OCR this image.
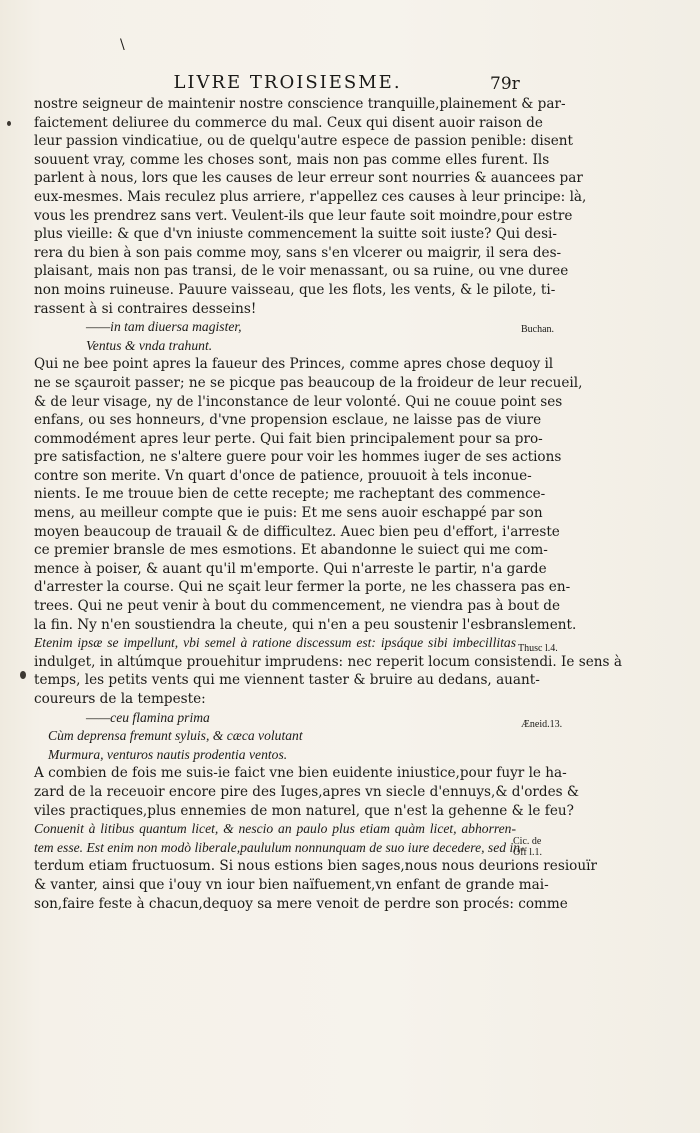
\
LIVRE TROISIESME.	79r
nostre seigneur de maintenir nostre conscience tranquille,plainement & par-
faictement deliuree du commerce du mal. Ceux qui disent auoir raison de
leur passion vindicatiue, ou de quelqu'autre espece de passion penible: disent
souuent vray, comme les choses sont, mais non pas comme elles furent. Ils
parlent à nous, lors que les causes de leur erreur sont nourries & auancees par
eux-mesmes. Mais reculez plus arriere, r'appellez ces causes à leur principe: là,
vous les prendrez sans vert. Veulent-ils que leur faute soit moindre,pour estre
plus vieille: & que d'vn iniuste commencement la suitte soit iuste? Qui desi-
rera du bien à son pais comme moy, sans s'en vlcerer ou maigrir, il sera des-
plaisant, mais non pas transi, de le voir menassant, ou sa ruine, ou vne duree
non moins ruineuse. Pauure vaisseau, que les flots, les vents, & le pilote, ti-
rassent à si contraires desseins!
——in tam diuersa magister,
Ventus & vnda trahunt.
Qui ne bee point apres la faueur des Princes, comme apres chose dequoy il
ne se sçauroit passer; ne se picque pas beaucoup de la froideur de leur recueil,
& de leur visage, ny de l'inconstance de leur volonté. Qui ne couue point ses
enfans, ou ses honneurs, d'vne propension esclaue, ne laisse pas de viure
commodément apres leur perte. Qui fait bien principalement pour sa pro-
pre satisfaction, ne s'altere guere pour voir les hommes iuger de ses actions
contre son merite. Vn quart d'once de patience, prouuoit à tels inconue-
nients. Ie me trouue bien de cette recepte; me racheptant des commence-
mens, au meilleur compte que ie puis: Et me sens auoir eschappé par son
moyen beaucoup de trauail & de difficultez. Auec bien peu d'effort, i'arreste
ce premier bransle de mes esmotions. Et abandonne le suiect qui me com-
mence à poiser, & auant qu'il m'emporte. Qui n'arreste le partir, n'a garde
d'arrester la course. Qui ne sçait leur fermer la porte, ne les chassera pas en-
trees. Qui ne peut venir à bout du commencement, ne viendra pas à bout de
la fin. Ny n'en soustiendra la cheute, qui n'en a peu soustenir l'esbranslement.
Etenim ipsæ se impellunt, vbi semel à ratione discessum est: ipsáque sibi imbecillitas
indulget, in altúmque prouehitur imprudens: nec reperit locum consistendi. Ie sens à
temps, les petits vents qui me viennent taster & bruire au dedans, auant-
coureurs de la tempeste:
——ceu flamina prima
Cùm deprensa fremunt syluis, & cæca volutant
Murmura, venturos nautis prodentia ventos.
A combien de fois me suis-ie faict vne bien euidente iniustice,pour fuyr le ha-
zard de la receuoir encore pire des Iuges,apres vn siecle d'ennuys,& d'ordes &
viles practiques,plus ennemies de mon naturel, que n'est la gehenne & le feu?
Conuenit à litibus quantum licet, & nescio an paulo plus etiam quàm licet, abhorren-
tem esse. Est enim non modò liberale,paululum nonnunquam de suo iure decedere, sed in-
terdum etiam fructuosum. Si nous estions bien sages,nous nous deurions resiouïr
& vanter, ainsi que i'ouy vn iour bien naïfuement,vn enfant de grande mai-
son,faire feste à chacun,dequoy sa mere venoit de perdre son procés: comme
Buchan.
Thusc l.4.
Æneid.13.
Cic. de
Off l.1.
